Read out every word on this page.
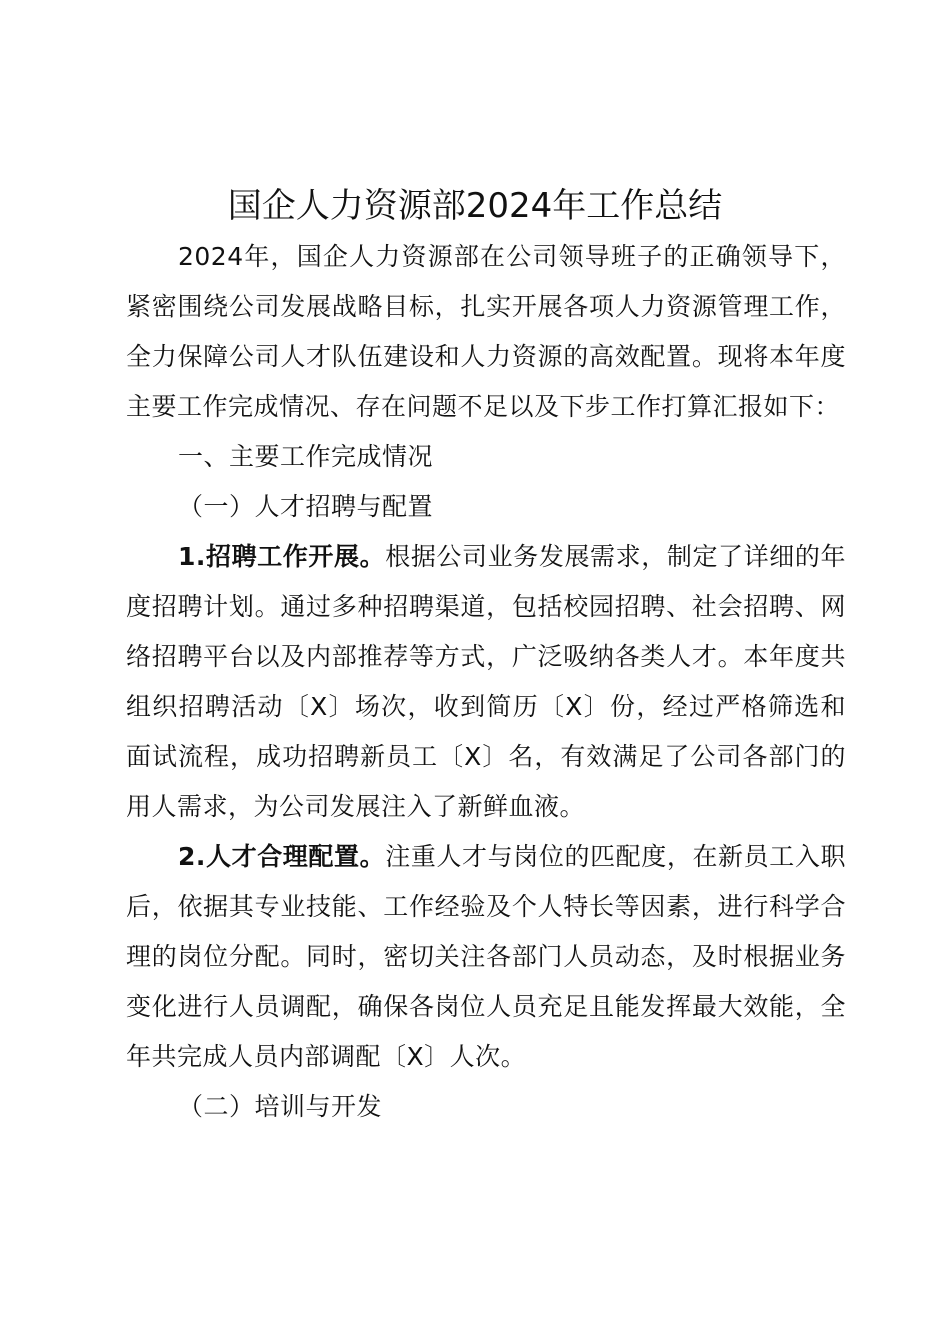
国企人力资源部2024年工作总结

2024年，国企人力资源部在公司领导班子的正确领导下，紧密围绕公司发展战略目标，扎实开展各项人力资源管理工作，全力保障公司人才队伍建设和人力资源的高效配置。现将本年度主要工作完成情况、存在问题不足以及下步工作打算汇报如下：

一、主要工作完成情况

（一）人才招聘与配置

1.招聘工作开展。根据公司业务发展需求，制定了详细的年度招聘计划。通过多种招聘渠道，包括校园招聘、社会招聘、网络招聘平台以及内部推荐等方式，广泛吸纳各类人才。本年度共组织招聘活动〔X〕场次，收到简历〔X〕份，经过严格筛选和面试流程，成功招聘新员工〔X〕名，有效满足了公司各部门的用人需求，为公司发展注入了新鲜血液。

2.人才合理配置。注重人才与岗位的匹配度，在新员工入职后，依据其专业技能、工作经验及个人特长等因素，进行科学合理的岗位分配。同时，密切关注各部门人员动态，及时根据业务变化进行人员调配，确保各岗位人员充足且能发挥最大效能，全年共完成人员内部调配〔X〕人次。

（二）培训与开发
